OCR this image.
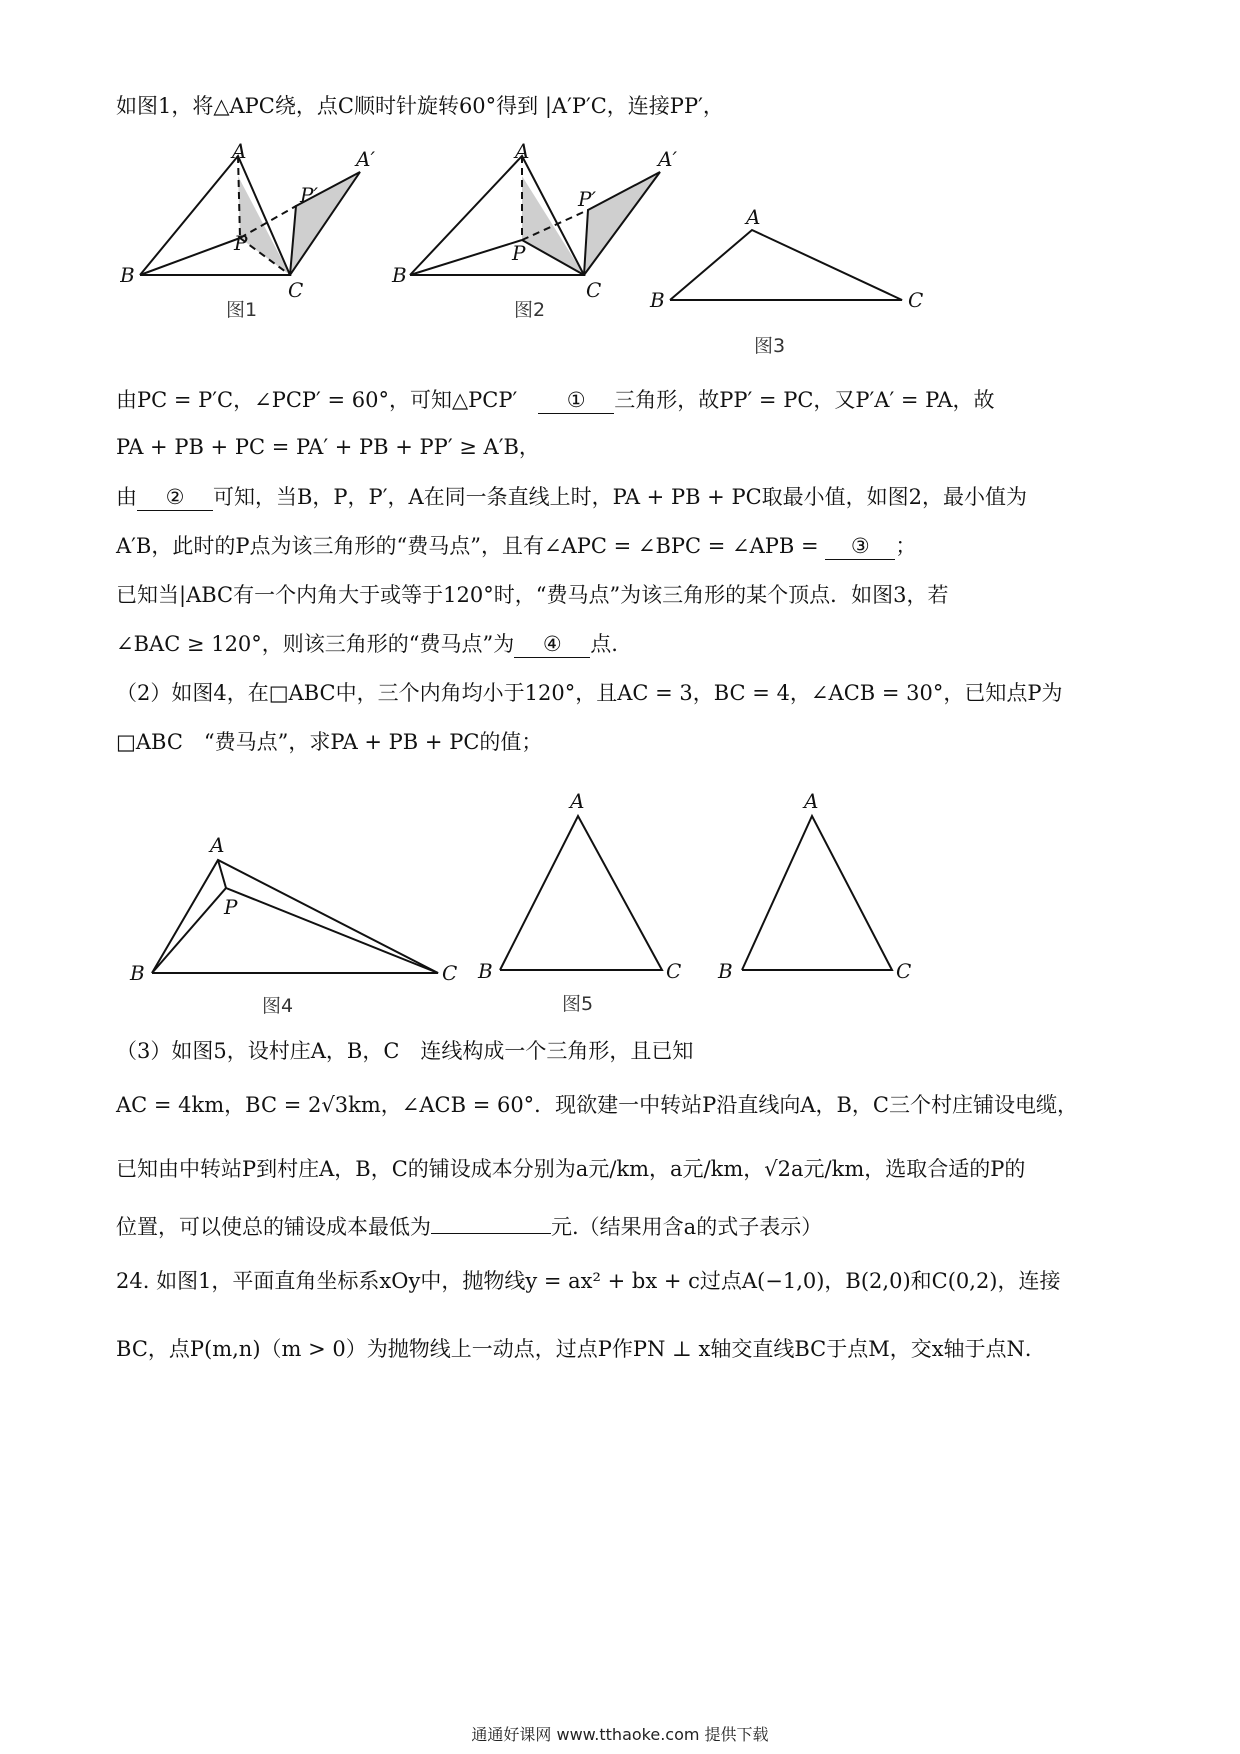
如图1，将△APC绕，点C顺时针旋转60°得到 |A′P′C，连接PP′，
A	A′
P′
P
B
C
图1
A	A′
P′
P
B
C
图2
A
B	C
图3
由PC = P′C，∠PCP′ = 60°，可知△PCP′　① 三角形，故PP′ = PC，又P′A′ = PA，故
PA + PB + PC = PA′ + PB + PP′ ≥ A′B，
由 ② 可知，当B，P，P′，A在同一条直线上时，PA + PB + PC取最小值，如图2，最小值为
A′B，此时的P点为该三角形的“费马点”，且有∠APC = ∠BPC = ∠APB = ③ ；
已知当|ABC有一个内角大于或等于120°时，“费马点”为该三角形的某个顶点．如图3，若
∠BAC ≥ 120°，则该三角形的“费马点”为 ④ 点.
（2）如图4，在□ABC中，三个内角均小于120°，且AC = 3，BC = 4，∠ACB = 30°，已知点P为
□ABC　“费马点”，求PA + PB + PC的值；
A
P
B	C
图4
A
B	C
图5
A
B	C
（3）如图5，设村庄A，B，C　连线构成一个三角形，且已知
AC = 4km，BC = 2√3km，∠ACB = 60°．现欲建一中转站P沿直线向A，B，C三个村庄铺设电缆，
已知由中转站P到村庄A，B，C的铺设成本分别为a元/km，a元/km，√2a元/km，选取合适的P的
位置，可以使总的铺设成本最低为	元.（结果用含a的式子表示）
24. 如图1，平面直角坐标系xOy中，抛物线y = ax² + bx + c过点A(−1,0)，B(2,0)和C(0,2)，连接
BC，点P(m,n)（m > 0）为抛物线上一动点，过点P作PN ⊥ x轴交直线BC于点M，交x轴于点N．
通通好课网 www.tthaoke.com 提供下载
